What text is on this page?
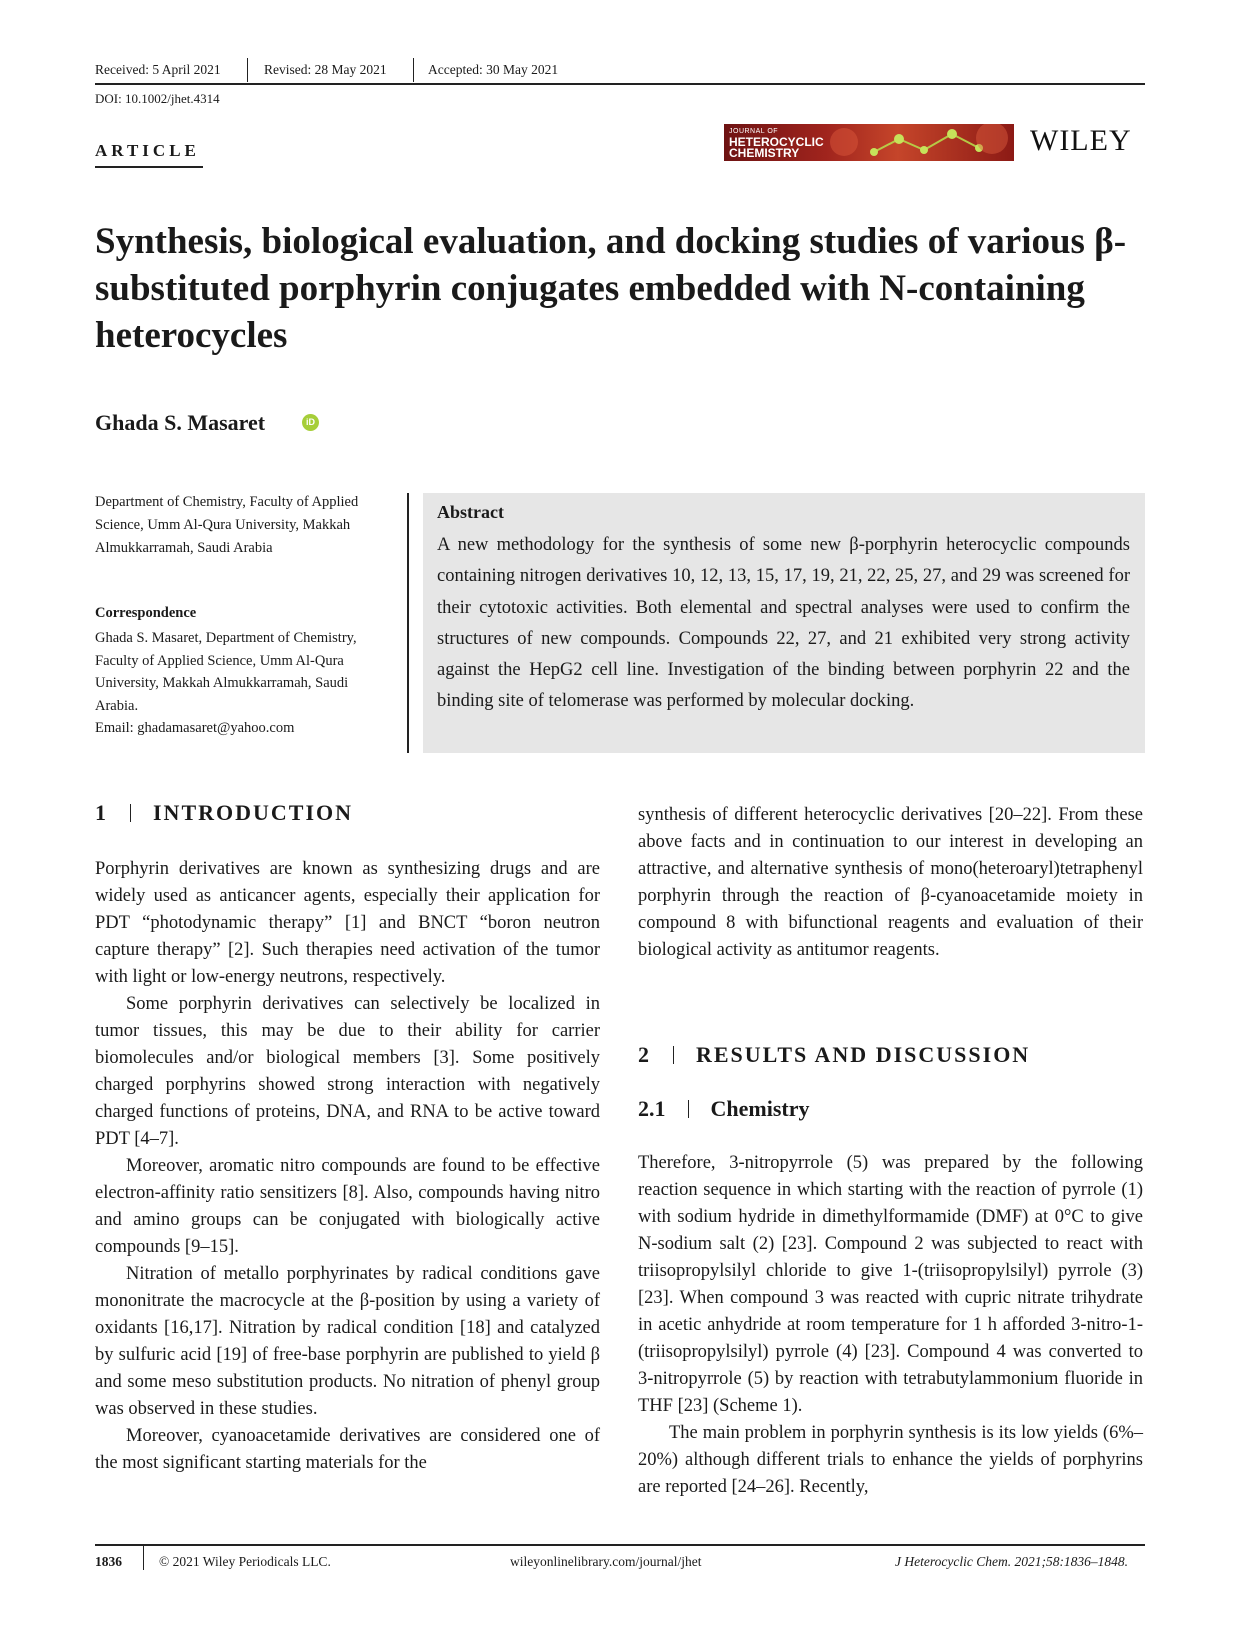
Received: 5 April 2021	Revised: 28 May 2021	Accepted: 30 May 2021
DOI: 10.1002/jhet.4314
ARTICLE
JOURNAL OF
HETEROCYCLIC
CHEMISTRY	WILEY
Synthesis, biological evaluation, and docking studies of various β-substituted porphyrin conjugates embedded with N-containing heterocycles
Ghada S. Masaret	iD
Department of Chemistry, Faculty of Applied Science, Umm Al-Qura University, Makkah Almukkarramah, Saudi Arabia
Correspondence
Ghada S. Masaret, Department of Chemistry, Faculty of Applied Science, Umm Al-Qura University, Makkah Almukkarramah, Saudi Arabia.
Email: ghadamasaret@yahoo.com
Abstract
A new methodology for the synthesis of some new β-porphyrin heterocyclic compounds containing nitrogen derivatives 10, 12, 13, 15, 17, 19, 21, 22, 25, 27, and 29 was screened for their cytotoxic activities. Both elemental and spectral analyses were used to confirm the structures of new compounds. Compounds 22, 27, and 21 exhibited very strong activity against the HepG2 cell line. Investigation of the binding between porphyrin 22 and the binding site of telomerase was performed by molecular docking.
1 INTRODUCTION

Porphyrin derivatives are known as synthesizing drugs and are widely used as anticancer agents, especially their application for PDT “photodynamic therapy” [1] and BNCT “boron neutron capture therapy” [2]. Such therapies need activation of the tumor with light or low-energy neutrons, respectively.

Some porphyrin derivatives can selectively be localized in tumor tissues, this may be due to their ability for carrier biomolecules and/or biological members [3]. Some positively charged porphyrins showed strong interaction with negatively charged functions of proteins, DNA, and RNA to be active toward PDT [4–7].

Moreover, aromatic nitro compounds are found to be effective electron-affinity ratio sensitizers [8]. Also, compounds having nitro and amino groups can be conjugated with biologically active compounds [9–15].

Nitration of metallo porphyrinates by radical conditions gave mononitrate the macrocycle at the β-position by using a variety of oxidants [16,17]. Nitration by radical condition [18] and catalyzed by sulfuric acid [19] of free-base porphyrin are published to yield β and some meso substitution products. No nitration of phenyl group was observed in these studies.

Moreover, cyanoacetamide derivatives are considered one of the most significant starting materials for the

synthesis of different heterocyclic derivatives [20–22]. From these above facts and in continuation to our interest in developing an attractive, and alternative synthesis of mono(heteroaryl)tetraphenyl porphyrin through the reaction of β-cyanoacetamide moiety in compound 8 with bifunctional reagents and evaluation of their biological activity as antitumor reagents.

2 RESULTS AND DISCUSSION
2.1 Chemistry

Therefore, 3-nitropyrrole (5) was prepared by the following reaction sequence in which starting with the reaction of pyrrole (1) with sodium hydride in dimethylformamide (DMF) at 0°C to give N-sodium salt (2) [23]. Compound 2 was subjected to react with triisopropylsilyl chloride to give 1-(triisopropylsilyl) pyrrole (3) [23]. When compound 3 was reacted with cupric nitrate trihydrate in acetic anhydride at room temperature for 1 h afforded 3-nitro-1-(triisopropylsilyl) pyrrole (4) [23]. Compound 4 was converted to 3-nitropyrrole (5) by reaction with tetrabutylammonium fluoride in THF [23] (Scheme 1).

The main problem in porphyrin synthesis is its low yields (6%–20%) although different trials to enhance the yields of porphyrins are reported [24–26]. Recently,

1836	© 2021 Wiley Periodicals LLC.	wileyonlinelibrary.com/journal/jhet	J Heterocyclic Chem. 2021;58:1836–1848.
